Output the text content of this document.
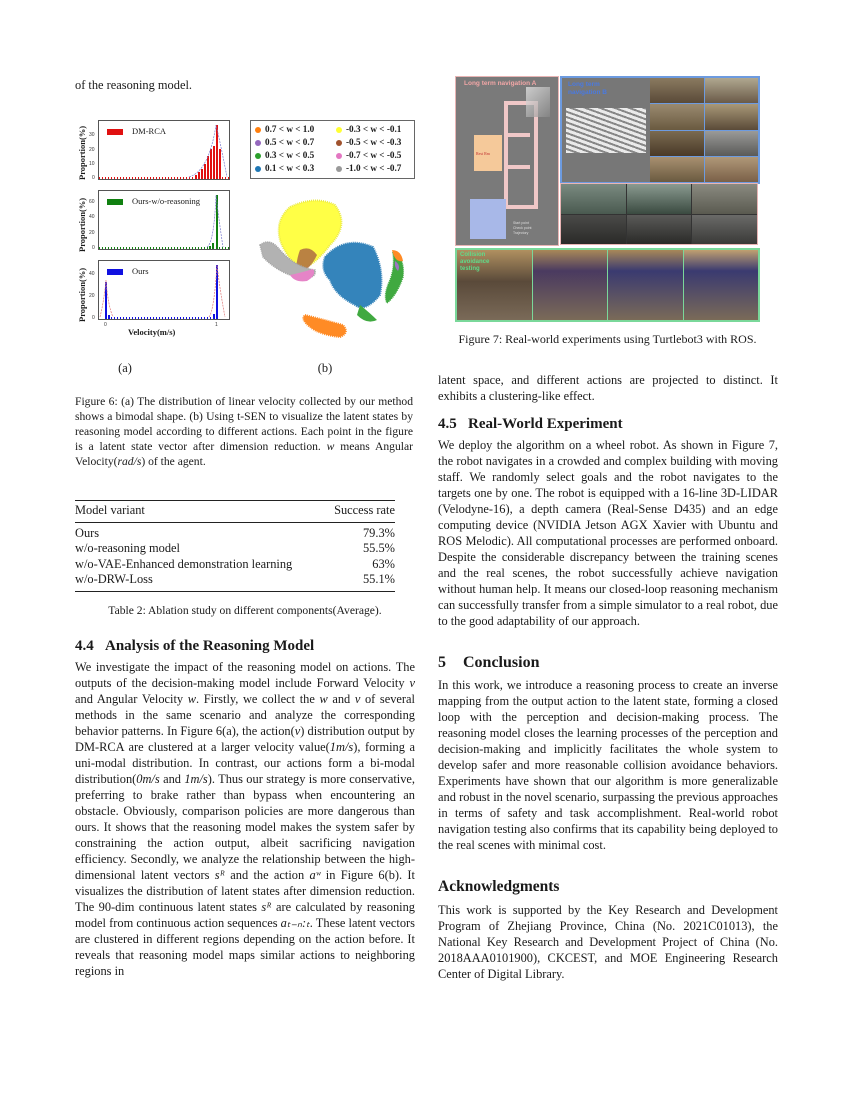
of the reasoning model.

Proportion(%)
Proportion(%)
Proportion(%)
DM-RCA
30
20
10
0
Ours-w/o-reasoning
60
40
20
0
Ours
40
20
0
0	1
Velocity(m/s)
0.7 < w < 1.0
0.5 < w < 0.7
0.3 < w < 0.5
0.1 < w < 0.3
-0.3 < w < -0.1
-0.5 < w < -0.3
-0.7 < w < -0.5
-1.0 < w < -0.7
(a)	(b)
Figure 6: (a) The distribution of linear velocity collected by our method shows a bimodal shape. (b) Using t-SEN to visualize the latent states by reasoning model according to different actions. Each point in the figure is a latent state vector after dimension reduction. w means Angular Velocity(rad/s) of the agent.
Model variant	Success rate
Ours	79.3%
w/o-reasoning model	55.5%
w/o-VAE-Enhanced demonstration learning	63%
w/o-DRW-Loss	55.1%
Table 2: Ablation study on different components(Average).
4.4 Analysis of the Reasoning Model

We investigate the impact of the reasoning model on actions. The outputs of the decision-making model include Forward Velocity v and Angular Velocity w. Firstly, we collect the w and v of several methods in the same scenario and analyze the corresponding behavior patterns. In Figure 6(a), the action(v) distribution output by DM-RCA are clustered at a larger velocity value(1m/s), forming a uni-modal distribution. In contrast, our actions form a bi-modal distribution(0m/s and 1m/s). Thus our strategy is more conservative, preferring to brake rather than bypass when encountering an obstacle. Obviously, comparison policies are more dangerous than ours. It shows that the reasoning model makes the system safer by constraining the action output, albeit sacrificing navigation efficiency. Secondly, we analyze the relationship between the high-dimensional latent vectors sᴿ and the action aʷ in Figure 6(b). It visualizes the distribution of latent states after dimension reduction. The 90-dim continuous latent states sᴿ are calculated by reasoning model from continuous action sequences aₜ₋ₙ:ₜ. These latent vectors are clustered in different regions depending on the action before. It reveals that reasoning model maps similar actions to neighboring regions in

Long term navigation A
Rest Rm
Start point
Check point
Trajectory
Long term navigation B
Collision avoidance testing
Figure 7: Real-world experiments using Turtlebot3 with ROS.

latent space, and different actions are projected to distinct. It exhibits a clustering-like effect.

4.5 Real-World Experiment

We deploy the algorithm on a wheel robot. As shown in Figure 7, the robot navigates in a crowded and complex building with moving staff. We randomly select goals and the robot navigates to the targets one by one. The robot is equipped with a 16-line 3D-LIDAR (Velodyne-16), a depth camera (Real-Sense D435) and an edge computing device (NVIDIA Jetson AGX Xavier with Ubuntu and ROS Melodic). All computational processes are performed onboard. Despite the considerable discrepancy between the training scenes and the real scenes, the robot successfully achieve navigation without human help. It means our closed-loop reasoning mechanism can successfully transfer from a simple simulator to a real robot, due to the good adaptability of our approach.

5 Conclusion

In this work, we introduce a reasoning process to create an inverse mapping from the output action to the latent state, forming a closed loop with the perception and decision-making process. The reasoning model closes the learning processes of the perception and decision-making and implicitly facilitates the whole system to develop safer and more reasonable collision avoidance behaviors. Experiments have shown that our algorithm is more generalizable and robust in the novel scenario, surpassing the previous approaches in terms of safety and task accomplishment. Real-world robot navigation testing also confirms that its capability being deployed to the real scenes with minimal cost.

Acknowledgments

This work is supported by the Key Research and Development Program of Zhejiang Province, China (No. 2021C01013), the National Key Research and Development Project of China (No. 2018AAA0101900), CKCEST, and MOE Engineering Research Center of Digital Library.
